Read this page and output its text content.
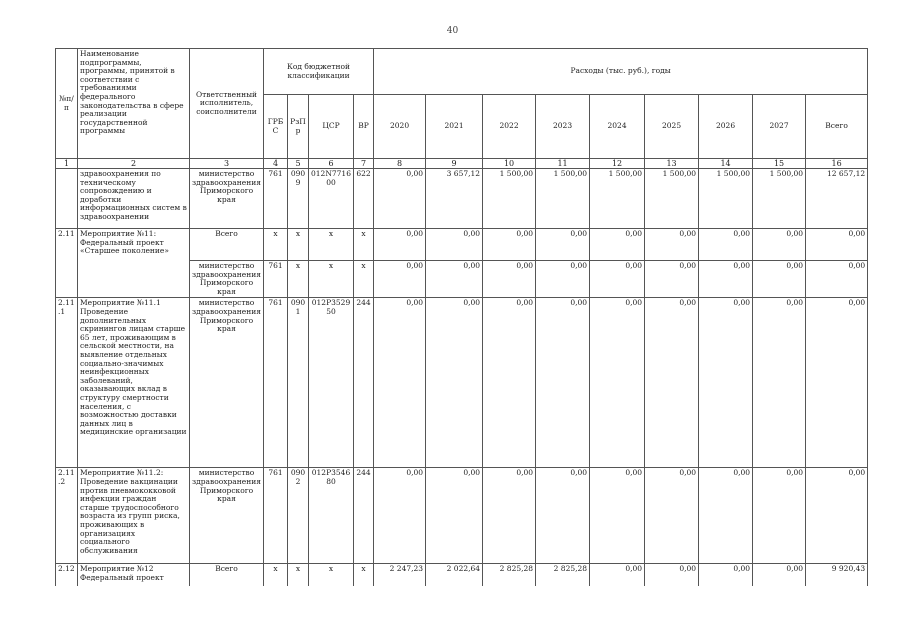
40
№п/п	Наименование подпрограммы, программы, принятой в соответствии с требованиями федерального законодательства в сфере реализации государственной программы	Ответственный исполнитель, соисполнители	Код бюджетной классификации				Расходы (тыс. руб.), годы								
			ГРБС	РзПр	ЦСР	ВР	2020	2021	2022	2023	2024	2025	2026	2027	Всего
1	2	3	4	5	6	7	8	9	10	11	12	13	14	15	16
	здравоохранения по техническому сопровождению и доработки информационных систем в здравоохранении	министерство здравоохранения Приморского края	761	0909	012N771600	622	0,00	3 657,12	1 500,00	1 500,00	1 500,00	1 500,00	1 500,00	1 500,00	12 657,12
2.11	Мероприятие №11: Федеральный проект «Старшее поколение»	Всего	x	x	x	x	0,00	0,00	0,00	0,00	0,00	0,00	0,00	0,00	0,00
		министерство здравоохранения Приморского края	761	x	x	x	0,00	0,00	0,00	0,00	0,00	0,00	0,00	0,00	0,00
2.11.1	Мероприятие №11.1 Проведение дополнительных скринингов лицам старше 65 лет, проживающим в сельской местности, на выявление отдельных социально-значимых неинфекционных заболеваний, оказывающих вклад в структуру смертности населения, с возможностью доставки данных лиц в медицинские организации	министерство здравоохранения Приморского края	761	0901	012P352950	244	0,00	0,00	0,00	0,00	0,00	0,00	0,00	0,00	0,00
2.11.2	Мероприятие №11.2: Проведение вакцинации против пневмококковой инфекции граждан старше трудоспособного возраста из групп риска, проживающих в организациях социального обслуживания	министерство здравоохранения Приморского края	761	0902	012P354680	244	0,00	0,00	0,00	0,00	0,00	0,00	0,00	0,00	0,00
2.12	Мероприятие №12 Федеральный проект	Всего	x	x	x	x	2 247,23	2 022,64	2 825,28	2 825,28	0,00	0,00	0,00	0,00	9 920,43
